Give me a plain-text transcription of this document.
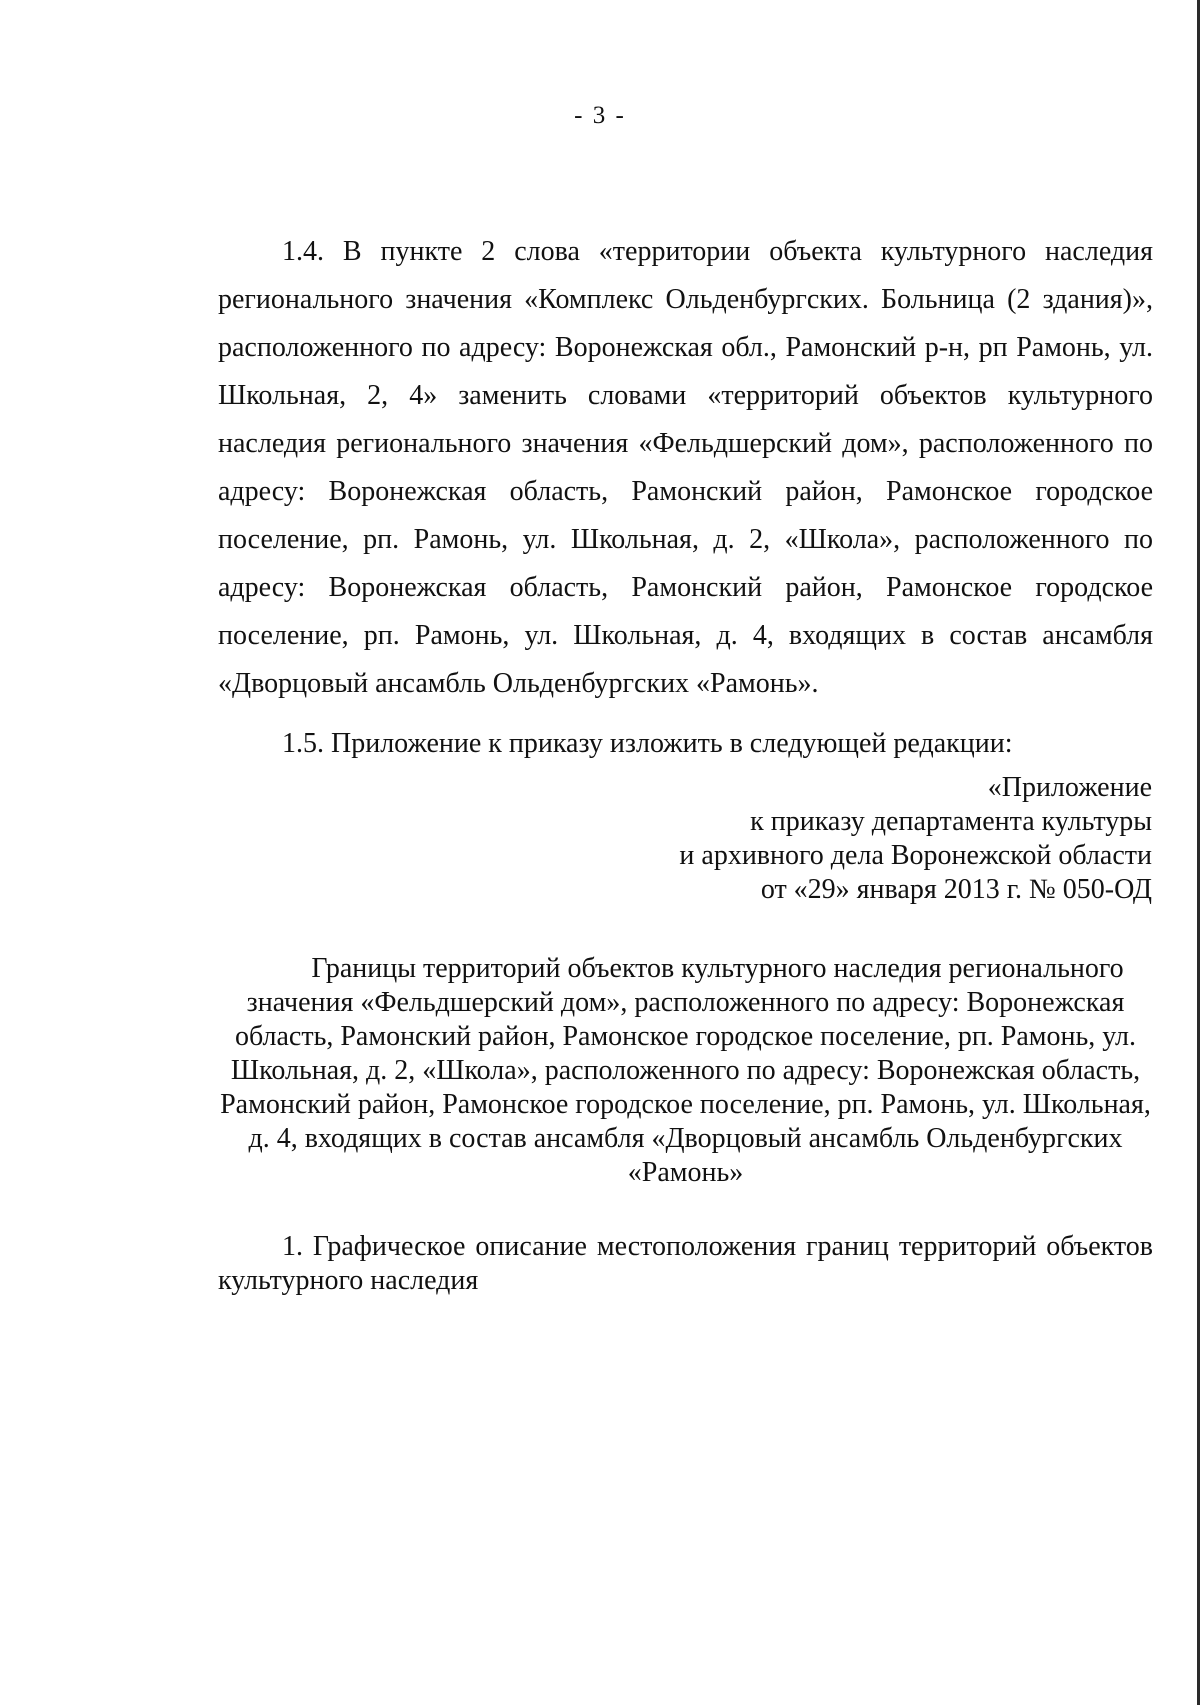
- 3 -

1.4. В пункте 2 слова «территории объекта культурного наследия регионального значения «Комплекс Ольденбургских. Больница (2 здания)», расположенного по адресу: Воронежская обл., Рамонский р-н, рп Рамонь, ул. Школьная, 2, 4» заменить словами «территорий объектов культурного наследия регионального значения «Фельдшерский дом», расположенного по адресу: Воронежская область, Рамонский район, Рамонское городское поселение, рп. Рамонь, ул. Школьная, д. 2, «Школа», расположенного по адресу: Воронежская область, Рамонский район, Рамонское городское поселение, рп. Рамонь, ул. Школьная, д. 4, входящих в состав ансамбля «Дворцовый ансамбль Ольденбургских «Рамонь».

1.5. Приложение к приказу изложить в следующей редакции:

«Приложение
к приказу департамента культуры
и архивного дела Воронежской области
от «29» января 2013 г. № 050-ОД

Границы территорий объектов культурного наследия регионального значения «Фельдшерский дом», расположенного по адресу: Воронежская область, Рамонский район, Рамонское городское поселение, рп. Рамонь, ул. Школьная, д. 2, «Школа», расположенного по адресу: Воронежская область, Рамонский район, Рамонское городское поселение, рп. Рамонь, ул. Школьная, д. 4, входящих в состав ансамбля «Дворцовый ансамбль Ольденбургских «Рамонь»

1. Графическое описание местоположения границ территорий объектов культурного наследия
